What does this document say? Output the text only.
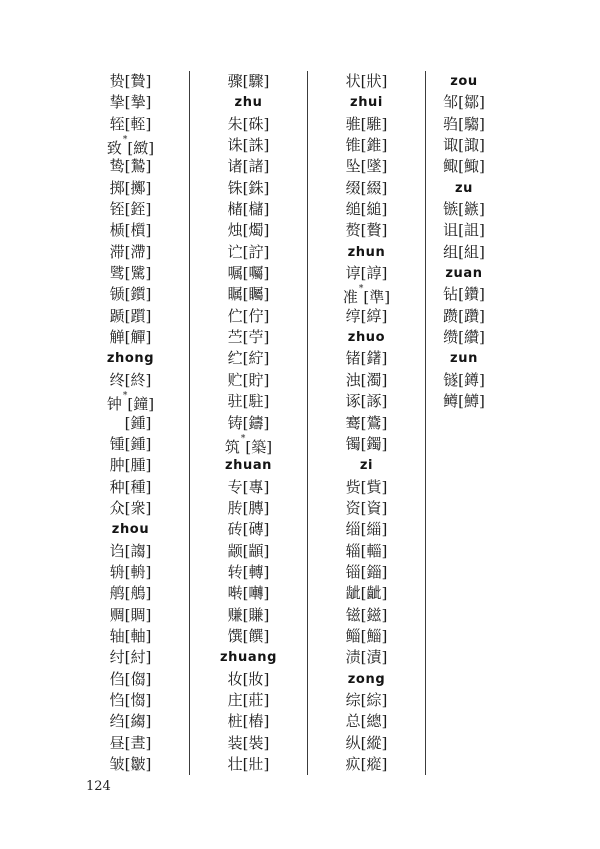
贽[贄]
挚[摯]
轾[輊]
致*[緻]
鸷[鷙]
掷[擲]
铚[銍]
𬃊[櫍]
滞[滯]
骘[騭]
锧[鑕]
踬[躓]
觯[觶]
zhong
终[終]
钟*[鐘]
[鍾]
锺[鍾]
肿[腫]
种[種]
众[衆]
zhou
诌[謅]
辀[輈]
鸼[鵃]
赒[賙]
轴[軸]
纣[紂]
㑇[㑳]
㤘[㥮]
绉[縐]
昼[晝]
皱[皺]
骤[驟]
zhu
朱[硃]
诛[誅]
诸[諸]
铢[銖]
槠[櫧]
烛[燭]
𬣞[詝]
嘱[囑]
瞩[矚]
伫[佇]
苎[苧]
纻[紵]
贮[貯]
驻[駐]
铸[鑄]
筑*[築]
zhuan
专[專]
䏝[膞]
砖[磚]
颛[顓]
转[轉]
啭[囀]
赚[賺]
馔[饌]
zhuang
妆[妝]
庄[莊]
桩[樁]
装[裝]
壮[壯]
状[狀]
zhui
骓[騅]
锥[錐]
坠[墜]
缀[綴]
缒[縋]
赘[贅]
zhun
谆[諄]
准*[準]
𬘯[綧]
zhuo
锗[鐯]
浊[濁]
诼[諑]
𬸣[鷟]
镯[鐲]
zi
赀[貲]
资[資]
缁[緇]
辎[輜]
锱[錙]
龇[齜]
镃[鎡]
鲻[鯔]
渍[漬]
zong
综[綜]
总[總]
纵[縱]
疭[瘲]
zou
邹[鄒]
驺[騶]
诹[諏]
鲰[鯫]
zu
镞[鏃]
诅[詛]
组[組]
zuan
钻[鑽]
躜[躦]
缵[纘]
zun
𬭼[鐏]
鳟[鱒]
124
